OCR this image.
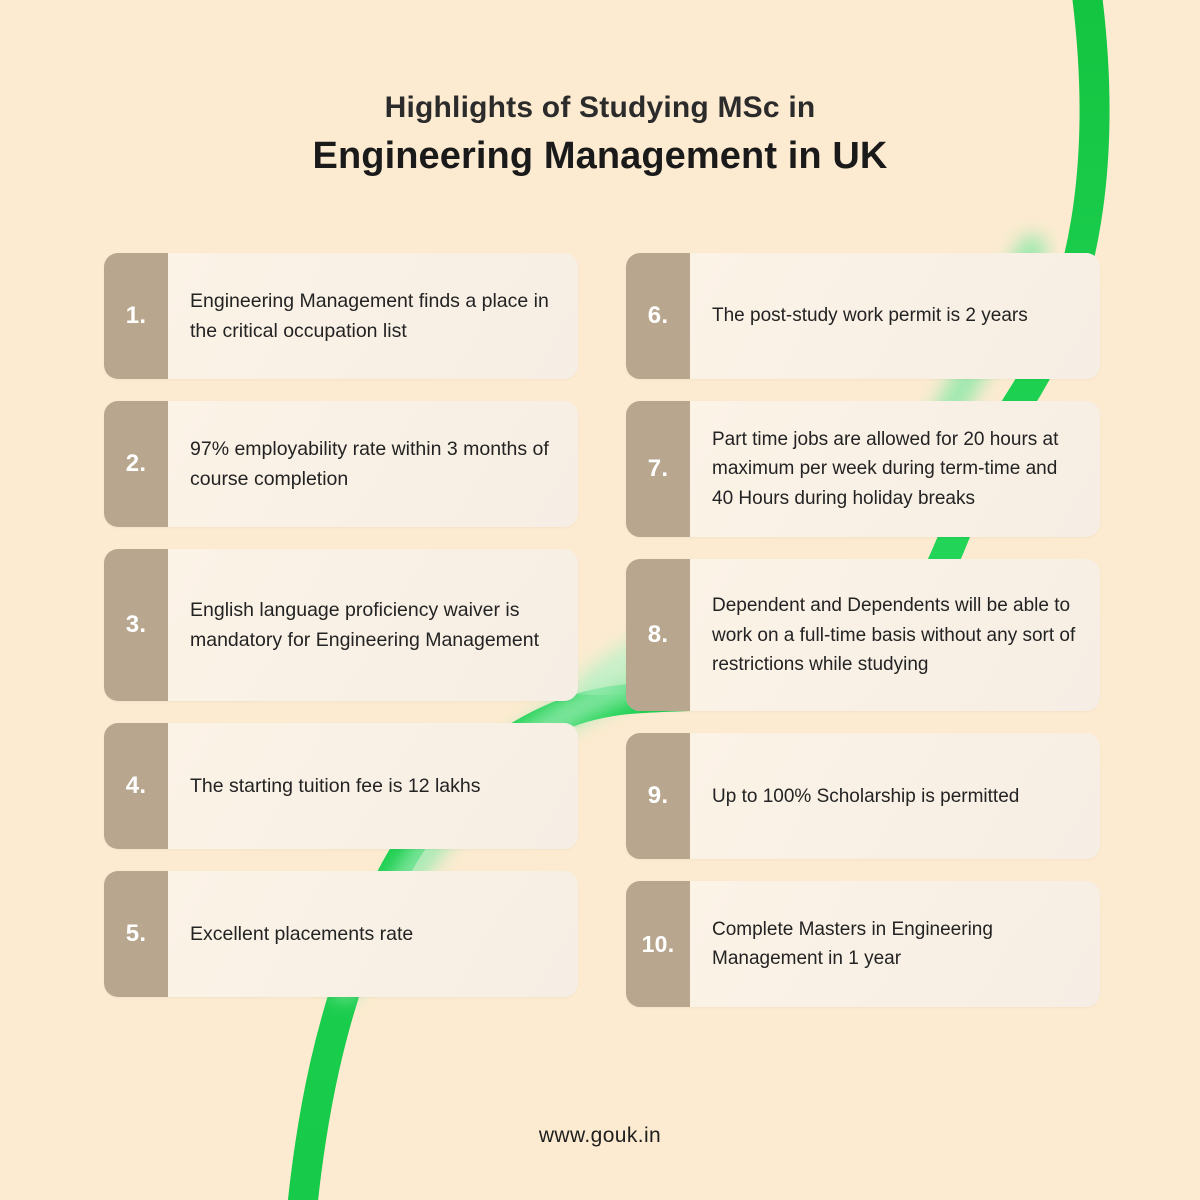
Highlights of Studying MSc in
Engineering Management in UK
1.
Engineering Management finds a place in the critical occupation list
2.
97% employability rate within 3 months of course completion
3.
English language proficiency waiver is mandatory for Engineering Management
4.	The starting tuition fee is 12 lakhs
5.	Excellent placements rate
6.	The post-study work permit is 2 years
7.
Part time jobs are allowed for 20 hours at maximum per week during term-time and 40 Hours during holiday breaks
8.
Dependent and Dependents will be able to work on a full-time basis without any sort of restrictions while studying
9.	Up to 100% Scholarship is permitted
10.
Complete Masters in Engineering Management in 1 year
www.gouk.in
